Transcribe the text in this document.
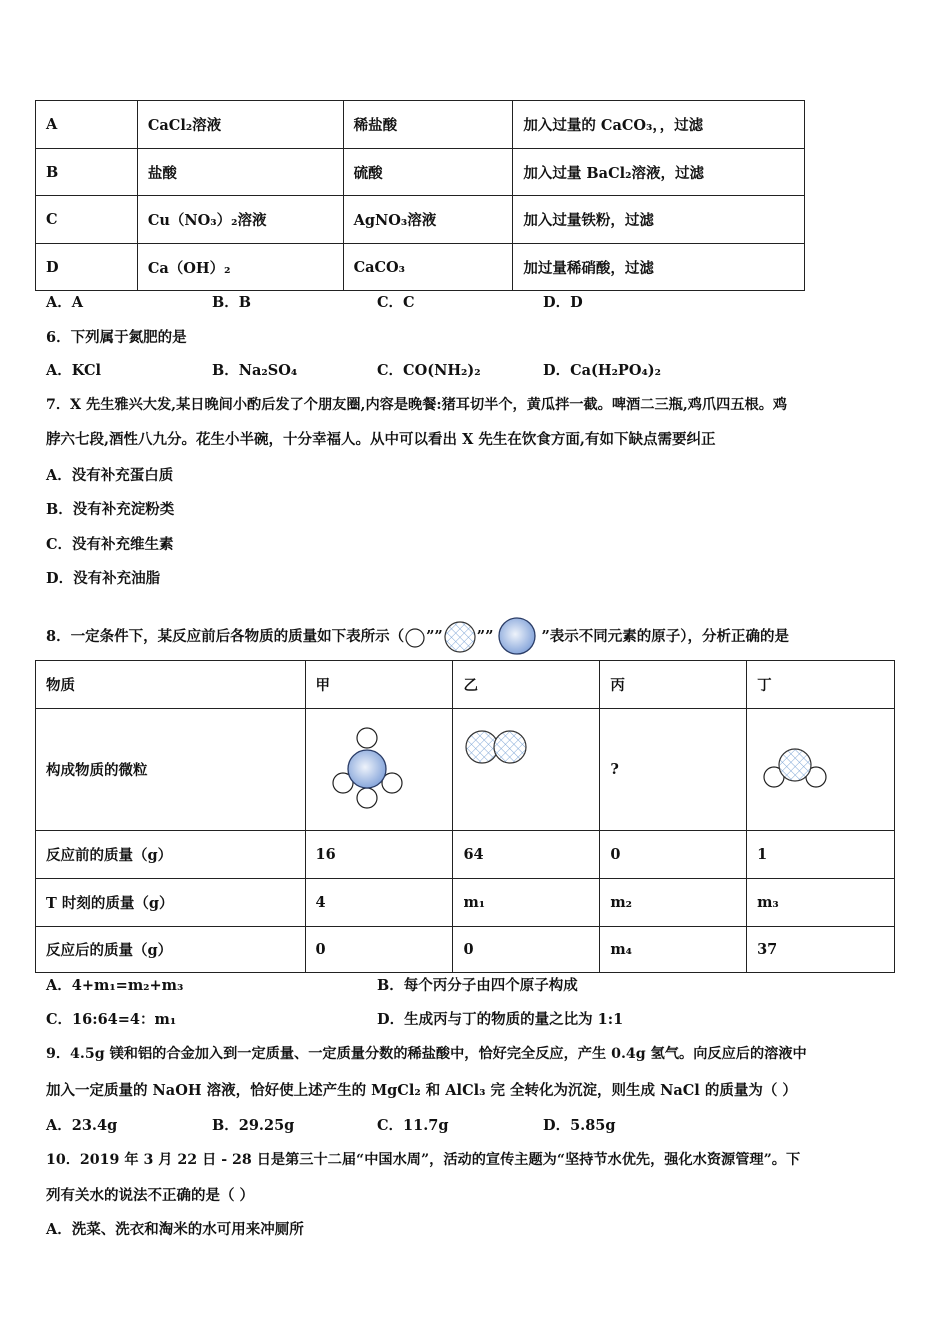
A	CaCl₂溶液	稀盐酸	加入过量的 CaCO₃，，过滤
B	盐酸	硫酸	加入过量 BaCl₂溶液，过滤
C	Cu（NO₃）₂溶液	AgNO₃溶液	加入过量铁粉，过滤
D	Ca（OH）₂	CaCO₃	加过量稀硝酸，过滤
A．A	B．B	C．C	D．D
6．下列属于氮肥的是
A．KCl	B．Na₂SO₄	C．CO(NH₂)₂	D．Ca(H₂PO₄)₂
7．X 先生雅兴大发,某日晚间小酌后发了个朋友圈,内容是晚餐:猪耳切半个，黄瓜拌一截。啤酒二三瓶,鸡爪四五根。鸡
脖六七段,酒性八九分。花生小半碗，十分幸福人。从中可以看出 X 先生在饮食方面,有如下缺点需要纠正
A．没有补充蛋白质
B．没有补充淀粉类
C．没有补充维生素
D．没有补充油脂
8．一定条件下，某反应前后各物质的质量如下表所示（ ”” ””	”表示不同元素的原子），分析正确的是
物质	甲	乙	丙	丁
构成物质的微粒			?	

反应前的质量（g）	16	64	0	1
T 时刻的质量（g）	4	m₁	m₂	m₃
反应后的质量（g）	0	0	m₄	37
A．4+m₁=m₂+m₃	B．每个丙分子由四个原子构成
C．16:64=4：m₁	D．生成丙与丁的物质的量之比为 1:1
9．4.5g 镁和铝的合金加入到一定质量、一定质量分数的稀盐酸中，恰好完全反应，产生 0.4g 氢气。向反应后的溶液中
加入一定质量的 NaOH 溶液，恰好使上述产生的 MgCl₂ 和 AlCl₃ 完 全转化为沉淀，则生成 NaCl 的质量为（ ）
A．23.4g	B．29.25g	C．11.7g	D．5.85g
10．2019 年 3 月 22 日 - 28 日是第三十二届“中国水周”，活动的宣传主题为“坚持节水优先，强化水资源管理”。下
列有关水的说法不正确的是（ ）
A．洗菜、洗衣和淘米的水可用来冲厕所
